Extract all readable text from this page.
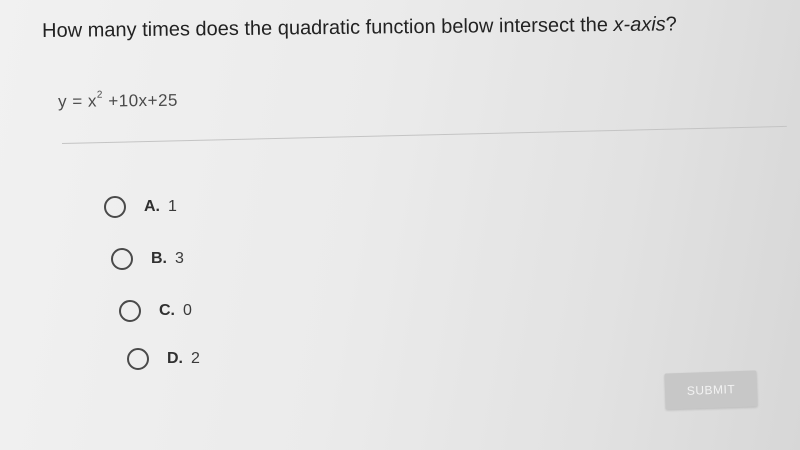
How many times does the quadratic function below intersect the x-axis?
$y = x^2 +10x+25$
A. 1
B. 3
C. 0
D. 2
SUBMIT
